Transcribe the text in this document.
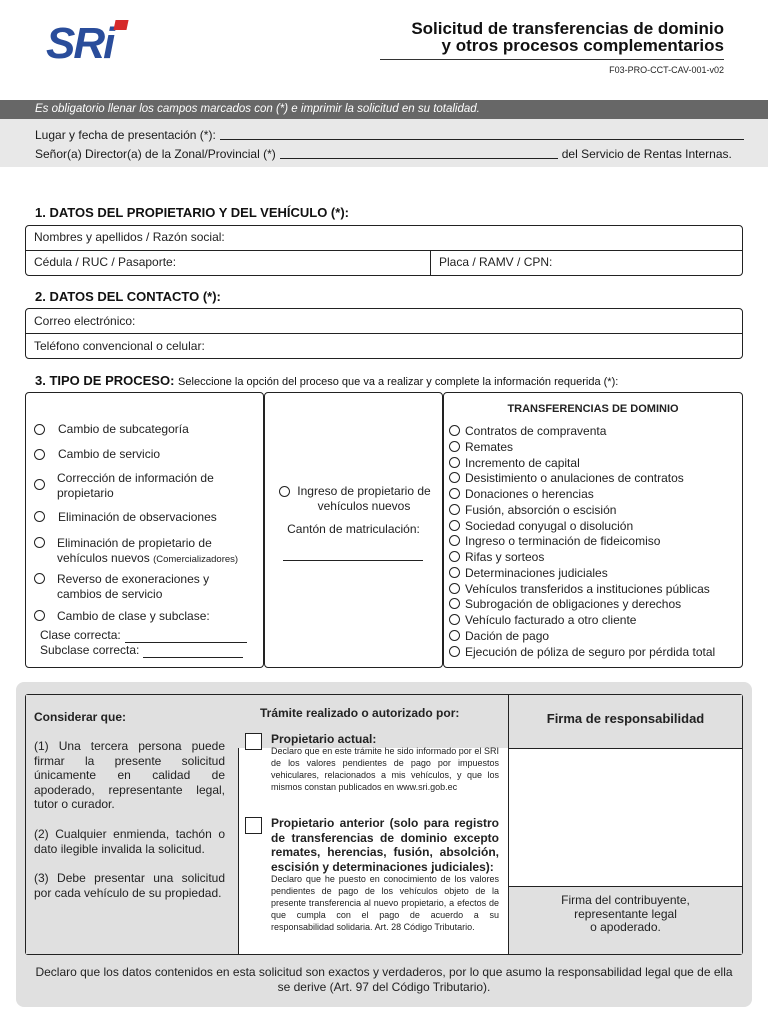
SRi	Solicitud de transferencias de dominio
y otros procesos complementarios
F03-PRO-CCT-CAV-001-v02
Es obligatorio llenar los campos marcados con (*) e imprimir la solicitud en su totalidad.
Lugar y fecha de presentación (*):
Señor(a) Director(a) de la Zonal/Provincial (*)	del Servicio de Rentas Internas.
1. DATOS DEL PROPIETARIO Y DEL VEHÍCULO (*):
Nombres y apellidos / Razón social:
Cédula / RUC / Pasaporte:	Placa / RAMV / CPN:
2. DATOS DEL CONTACTO (*):
Correo electrónico:
Teléfono convencional o celular:
3. TIPO DE PROCESO: Seleccione la opción del proceso que va a realizar y complete la información requerida (*):
Cambio de subcategoría
Cambio de servicio
Corrección de información de propietario
Eliminación de observaciones
Eliminación de propietario de vehículos nuevos (Comercializadores)
Reverso de exoneraciones y cambios de servicio
Cambio de clase y subclase:
Clase correcta:
Subclase correcta:
Ingreso de propietario de vehículos nuevos
Cantón de matriculación:
TRANSFERENCIAS DE DOMINIO
Contratos de compraventa
Remates
Incremento de capital
Desistimiento o anulaciones de contratos
Donaciones o herencias
Fusión, absorción o escisión
Sociedad conyugal o disolución
Ingreso o terminación de fideicomiso
Rifas y sorteos
Determinaciones judiciales
Vehículos transferidos a instituciones públicas
Subrogación de obligaciones y derechos
Vehículo facturado a otro cliente
Dación de pago
Ejecución de póliza de seguro por pérdida total
Considerar que:
(1) Una tercera persona puede firmar la presente solicitud únicamente en calidad de apoderado, representante legal, tutor o curador.
(2) Cualquier enmienda, tachón o dato ilegible invalida la solicitud.
(3) Debe presentar una solicitud por cada vehículo de su propiedad.
Trámite realizado o autorizado por:
Propietario actual:
Declaro que en este trámite he sido informado por el SRI de los valores pendientes de pago por impuestos vehiculares, relacionados a mis vehículos, y que los mismos constan publicados en www.sri.gob.ec
Propietario anterior (solo para registro de transferencias de dominio excepto remates, herencias, fusión, absolción, escisión y determinaciones judiciales):
Declaro que he puesto en conocimiento de los valores pendientes de pago de los vehículos objeto de la presente transferencia al nuevo propietario, a efectos de que cumpla con el pago de acuerdo a su responsabilidad solidaria. Art. 28 Código Tributario.
Firma de responsabilidad
Firma del contribuyente,
representante legal
o apoderado.
Declaro que los datos contenidos en esta solicitud son exactos y verdaderos, por lo que asumo la responsabilidad legal que de ella se derive (Art. 97 del Código Tributario).
